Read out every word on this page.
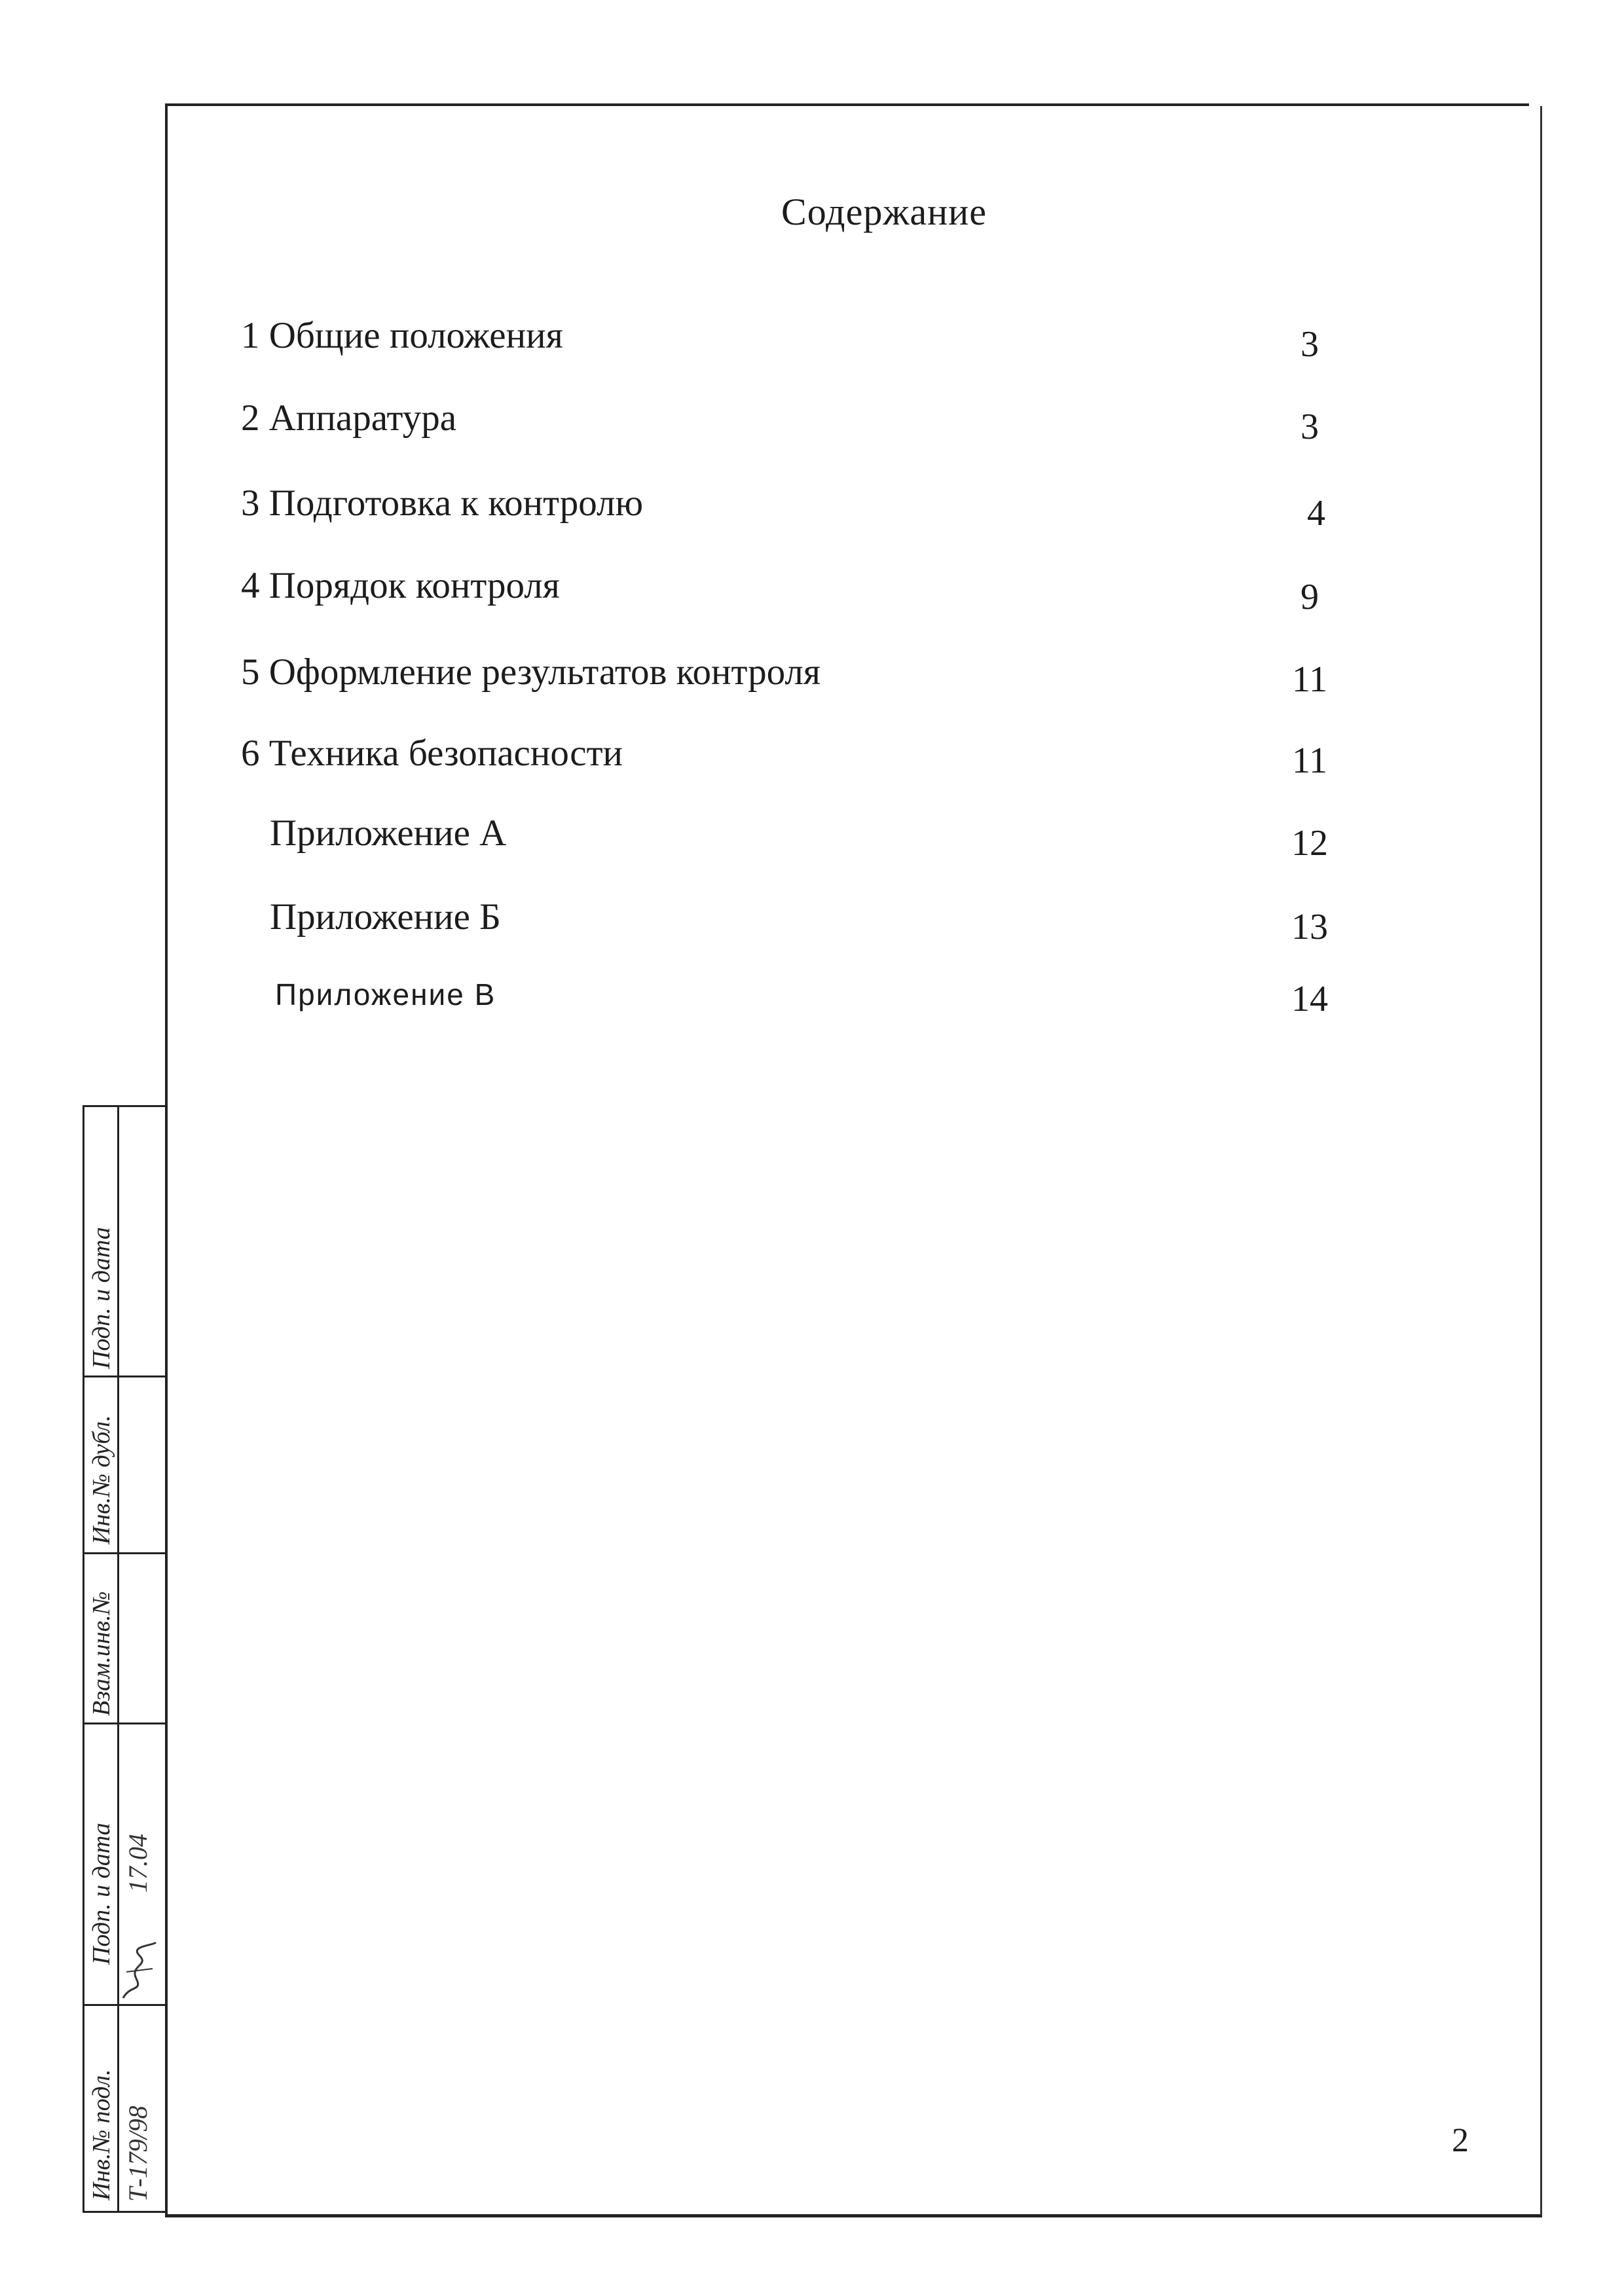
Содержание
1 Общие положения	3
2 Аппаратура	3
3 Подготовка к контролю	4
4 Порядок контроля	9
5 Оформление результатов контроля	11
6 Техника безопасности	11
Приложение А	12
Приложение Б	13
Приложение В	14
2
Подп. и дата
Инв.№ дубл.
Взам.инв.№
Подп. и дата
Инв.№ подл.
17.04
Т-179/98
